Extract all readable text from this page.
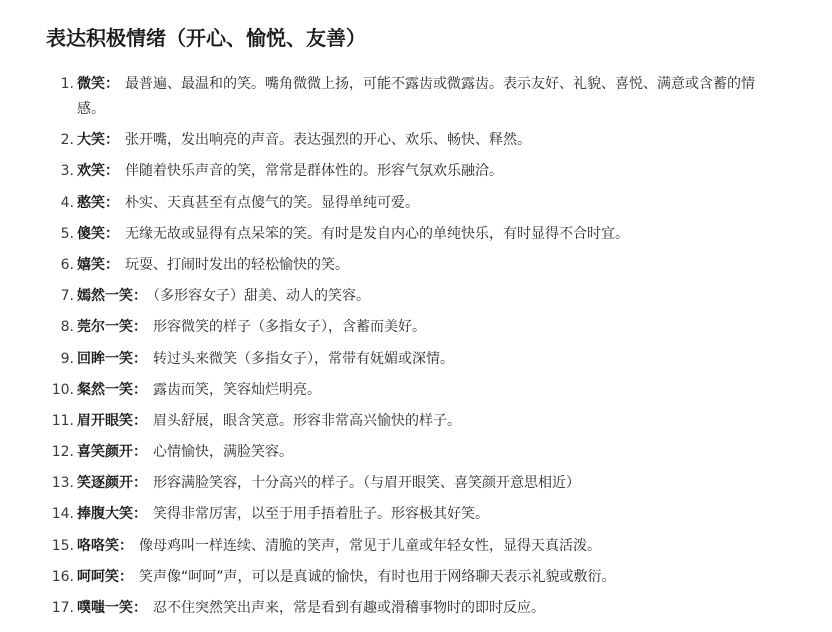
表达积极情绪（开心、愉悦、友善）
1. 微笑： 最普遍、最温和的笑。嘴角微微上扬，可能不露齿或微露齿。表示友好、礼貌、喜悦、满意或含蓄的情感。
2. 大笑： 张开嘴，发出响亮的声音。表达强烈的开心、欢乐、畅快、释然。
3. 欢笑： 伴随着快乐声音的笑，常常是群体性的。形容气氛欢乐融洽。
4. 憨笑： 朴实、天真甚至有点傻气的笑。显得单纯可爱。
5. 傻笑： 无缘无故或显得有点呆笨的笑。有时是发自内心的单纯快乐，有时显得不合时宜。
6. 嬉笑： 玩耍、打闹时发出的轻松愉快的笑。
7. 嫣然一笑： （多形容女子）甜美、动人的笑容。
8. 莞尔一笑： 形容微笑的样子（多指女子），含蓄而美好。
9. 回眸一笑： 转过头来微笑（多指女子），常带有妩媚或深情。
10. 粲然一笑： 露齿而笑，笑容灿烂明亮。
11. 眉开眼笑： 眉头舒展，眼含笑意。形容非常高兴愉快的样子。
12. 喜笑颜开： 心情愉快，满脸笑容。
13. 笑逐颜开： 形容满脸笑容，十分高兴的样子。（与眉开眼笑、喜笑颜开意思相近）
14. 捧腹大笑： 笑得非常厉害，以至于用手捂着肚子。形容极其好笑。
15. 咯咯笑： 像母鸡叫一样连续、清脆的笑声，常见于儿童或年轻女性，显得天真活泼。
16. 呵呵笑： 笑声像“呵呵”声，可以是真诚的愉快，有时也用于网络聊天表示礼貌或敷衍。
17. 噗嗤一笑： 忍不住突然笑出声来，常是看到有趣或滑稽事物时的即时反应。
